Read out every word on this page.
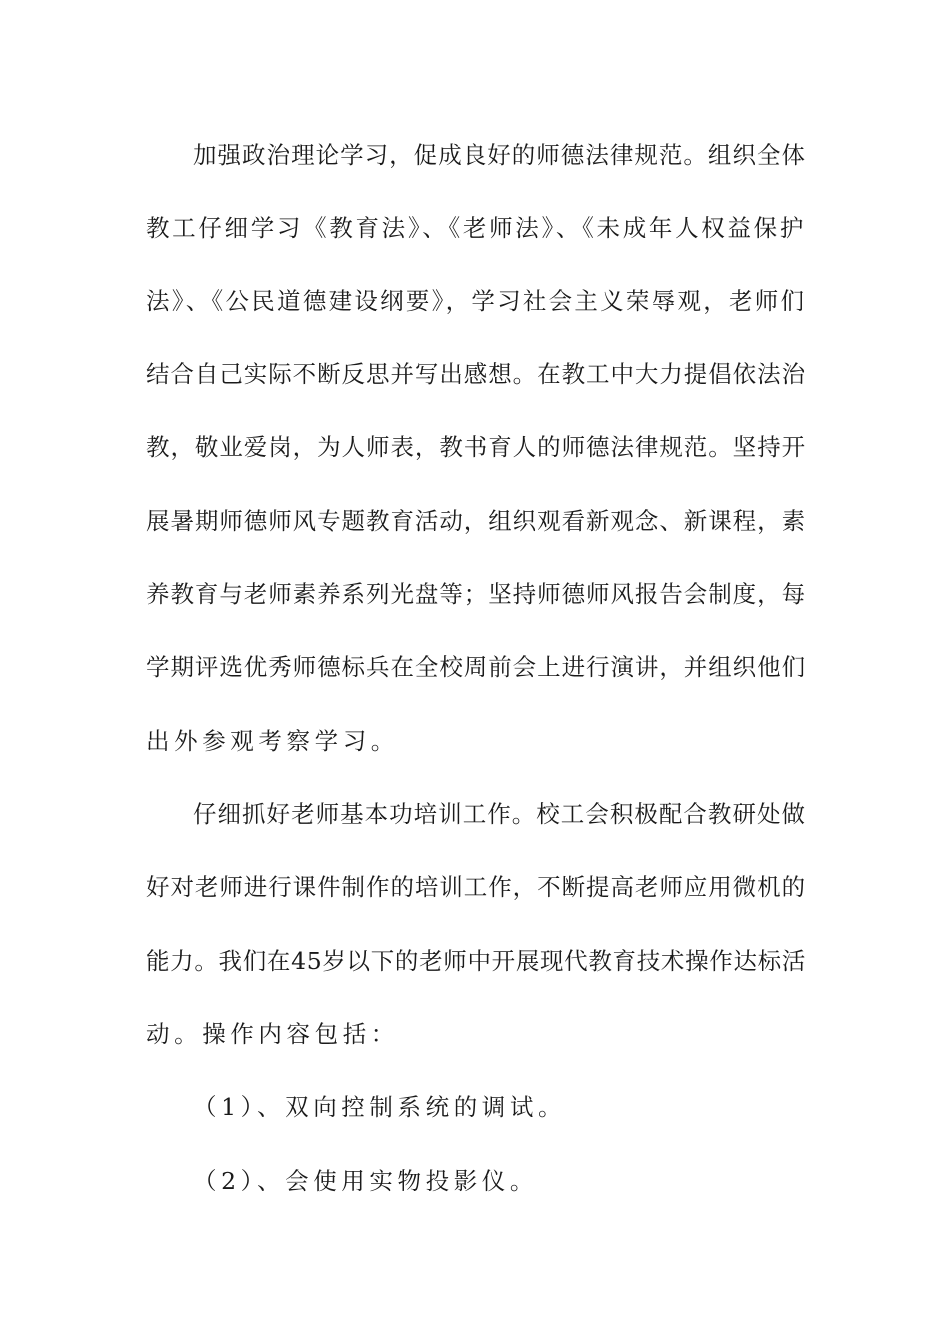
加强政治理论学习，促成良好的师德法律规范。组织全体
教工仔细学习《教育法》、《老师法》、《未成年人权益保护
法》、《公民道德建设纲要》，学习社会主义荣辱观，老师们
结合自己实际不断反思并写出感想。在教工中大力提倡依法治
教，敬业爱岗，为人师表，教书育人的师德法律规范。坚持开
展暑期师德师风专题教育活动，组织观看新观念、新课程，素
养教育与老师素养系列光盘等；坚持师德师风报告会制度，每
学期评选优秀师德标兵在全校周前会上进行演讲，并组织他们
出外参观考察学习。
仔细抓好老师基本功培训工作。校工会积极配合教研处做
好对老师进行课件制作的培训工作，不断提高老师应用微机的
能力。我们在45岁以下的老师中开展现代教育技术操作达标活
动。操作内容包括：
（1）、双向控制系统的调试。
（2）、会使用实物投影仪。
